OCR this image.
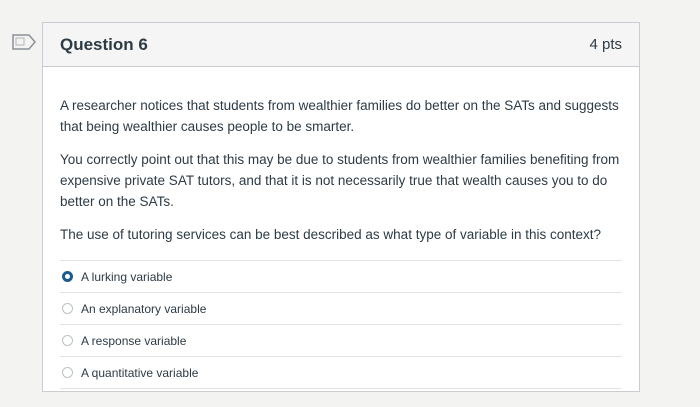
Question 6	4 pts

A researcher notices that students from wealthier families do better on the SATs and suggests that being wealthier causes people to be smarter.

You correctly point out that this may be due to students from wealthier families benefiting from expensive private SAT tutors, and that it is not necessarily true that wealth causes you to do better on the SATs.

The use of tutoring services can be best described as what type of variable in this context?

A lurking variable
An explanatory variable
A response variable
A quantitative variable
